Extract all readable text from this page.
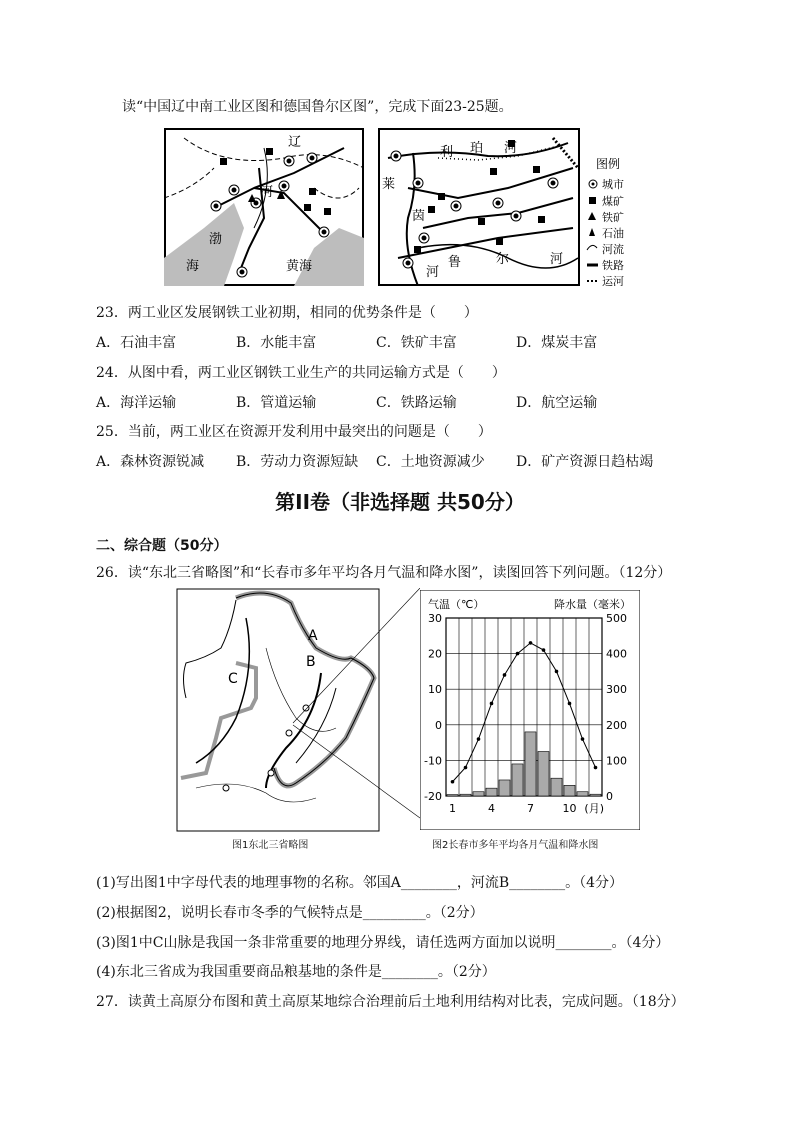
读“中国辽中南工业区图和德国鲁尔区图”，完成下面23-25题。
辽
河
渤
海	黄海
利 珀 河
莱
茵
河
鲁	尔	河
图例
城市
煤矿
铁矿
石油
河流
铁路
运河
23．两工业区发展钢铁工业初期，相同的优势条件是（　　）
A．石油丰富	B．水能丰富	C．铁矿丰富	D．煤炭丰富
24．从图中看，两工业区钢铁工业生产的共同运输方式是（　　）
A．海洋运输	B．管道运输	C．铁路运输	D．航空运输
25．当前，两工业区在资源开发利用中最突出的问题是（　　）
A．森林资源锐减 B．劳动力资源短缺 C．土地资源减少 D．矿产资源日趋枯竭
第II卷（非选择题 共50分）
二、综合题（50分）
26．读“东北三省略图”和“长春市多年平均各月气温和降水图”，读图回答下列问题。（12分）
A
B
C
图1东北三省略图
气温（℃）	降水量（毫米）
30
20
10
0
-10
-20
500
400
300
200
100
0
1	4	7	10 (月)
图2长春市多年平均各月气温和降水图
(1)写出图1中字母代表的地理事物的名称。邻国A________，河流B________。（4分）
(2)根据图2，说明长春市冬季的气候特点是_________。（2分）
(3)图1中C山脉是我国一条非常重要的地理分界线，请任选两方面加以说明________。（4分）
(4)东北三省成为我国重要商品粮基地的条件是________。（2分）
27．读黄土高原分布图和黄土高原某地综合治理前后土地利用结构对比表，完成问题。（18分）
